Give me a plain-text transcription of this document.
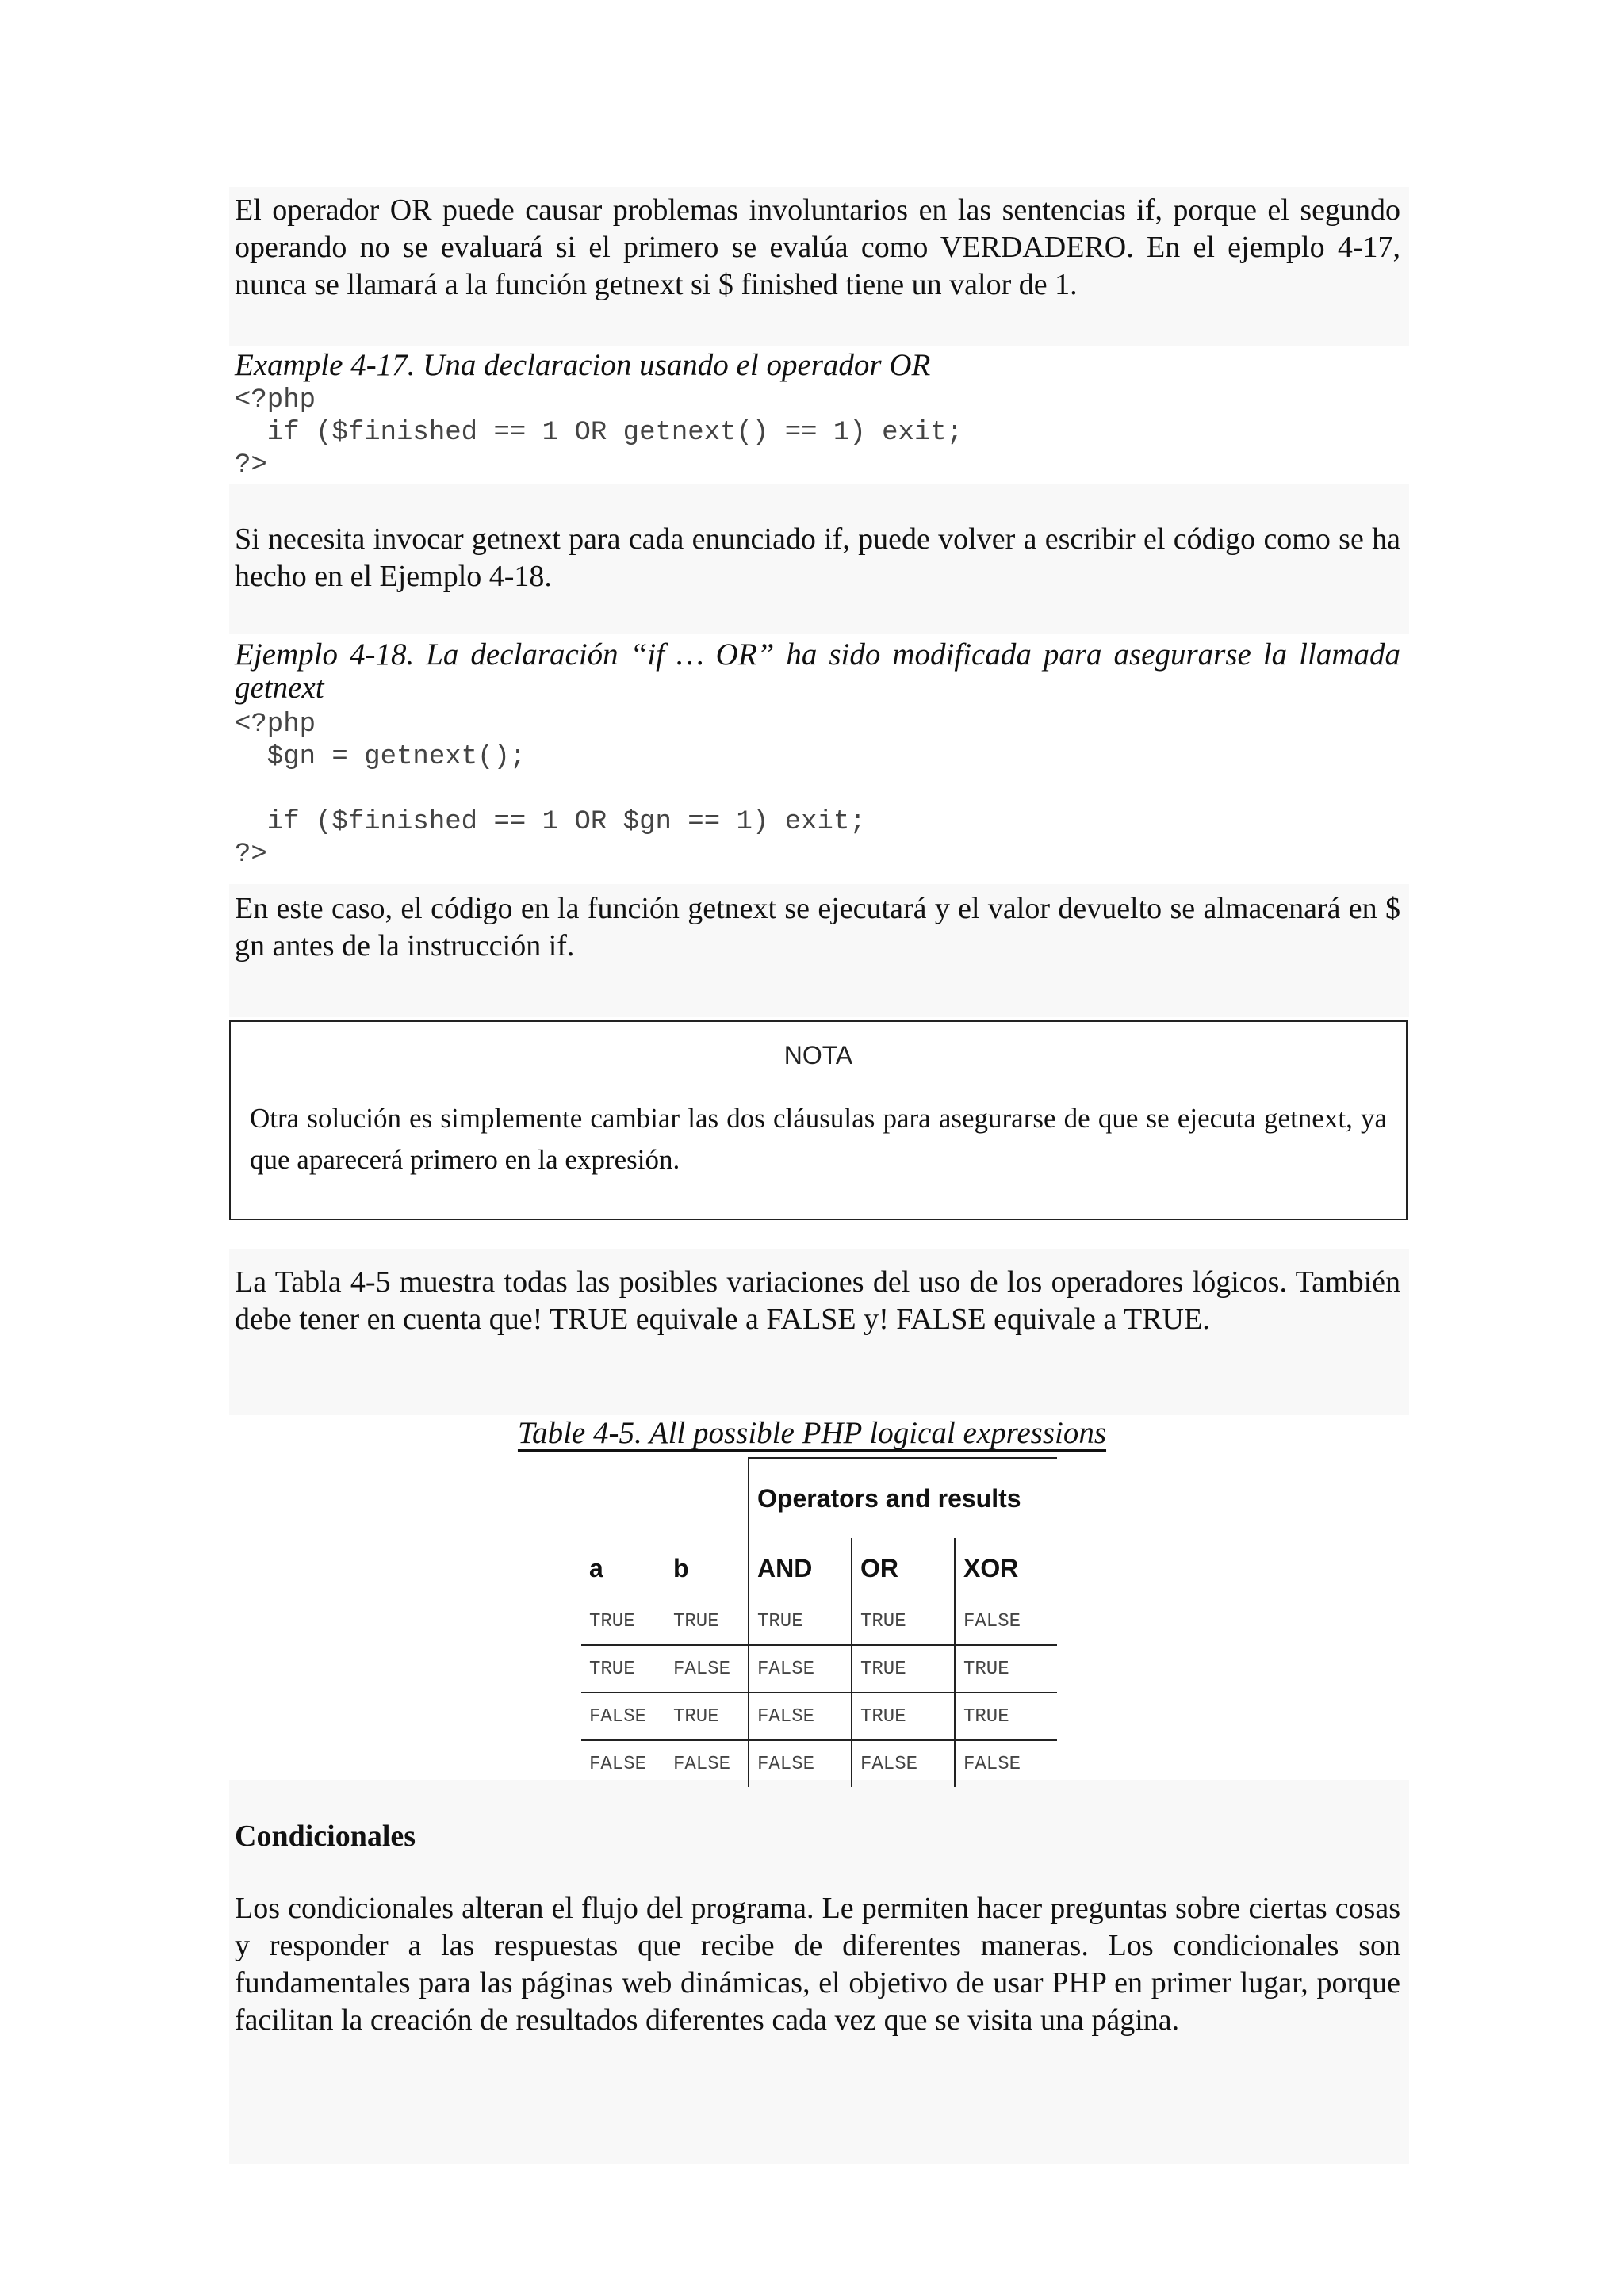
El operador OR puede causar problemas involuntarios en las sentencias if, porque el segundo operando no se evaluará si el primero se evalúa como VERDADERO. En el ejemplo 4-17, nunca se llamará a la función getnext si $ finished tiene un valor de 1.

Example 4-17. Una declaracion usando el operador OR

<?php
if ($finished == 1 OR getnext() == 1) exit;
?>

Si necesita invocar getnext para cada enunciado if, puede volver a escribir el código como se ha hecho en el Ejemplo 4-18.

Ejemplo 4-18. La declaración “if … OR” ha sido modificada para asegurarse la llamada getnext

<?php
$gn = getnext();

if ($finished == 1 OR $gn == 1) exit;
?>

En este caso, el código en la función getnext se ejecutará y el valor devuelto se almacenará en $ gn antes de la instrucción if.

NOTA
Otra solución es simplemente cambiar las dos cláusulas para asegurarse de que se ejecuta getnext, ya que aparecerá primero en la expresión.

La Tabla 4-5 muestra todas las posibles variaciones del uso de los operadores lógicos. También debe tener en cuenta que! TRUE equivale a FALSE y! FALSE equivale a TRUE.

Table 4-5. All possible PHP logical expressions
		Operators and results		
a	b	AND	OR	XOR
TRUE	TRUE	TRUE	TRUE	FALSE
TRUE	FALSE	FALSE	TRUE	TRUE
FALSE	TRUE	FALSE	TRUE	TRUE
FALSE	FALSE	FALSE	FALSE	FALSE

Condicionales

Los condicionales alteran el flujo del programa. Le permiten hacer preguntas sobre ciertas cosas y responder a las respuestas que recibe de diferentes maneras. Los condicionales son fundamentales para las páginas web dinámicas, el objetivo de usar PHP en primer lugar, porque facilitan la creación de resultados diferentes cada vez que se visita una página.
